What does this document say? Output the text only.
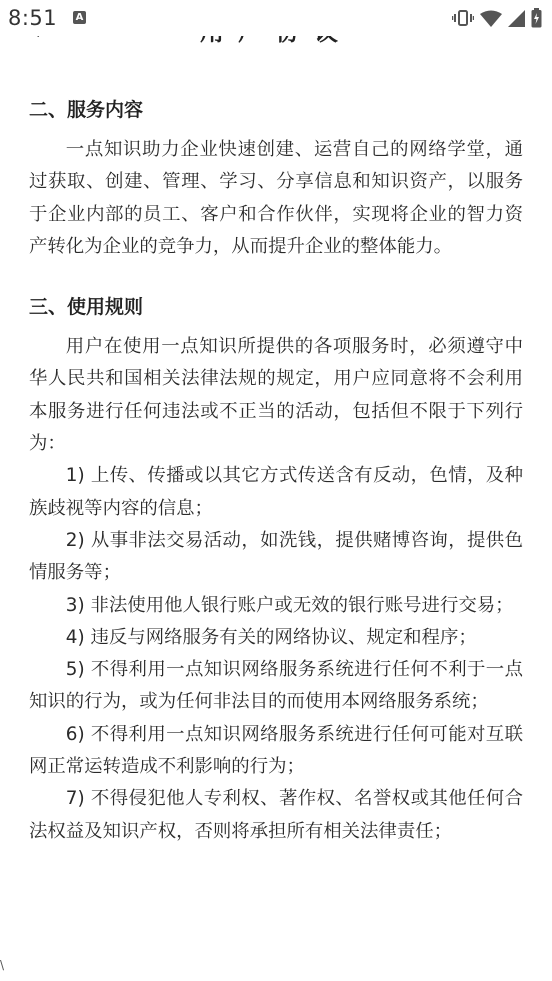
8:51 A
二、服务内容

一点知识助力企业快速创建、运营自己的网络学堂，通过获取、创建、管理、学习、分享信息和知识资产，以服务于企业内部的员工、客户和合作伙伴，实现将企业的智力资产转化为企业的竞争力，从而提升企业的整体能力。

三、使用规则

用户在使用一点知识所提供的各项服务时，必须遵守中华人民共和国相关法律法规的规定，用户应同意将不会利用本服务进行任何违法或不正当的活动，包括但不限于下列行为：

1) 上传、传播或以其它方式传送含有反动，色情，及种族歧视等内容的信息；

2) 从事非法交易活动，如洗钱，提供赌博咨询，提供色情服务等；

3) 非法使用他人银行账户或无效的银行账号进行交易；

4) 违反与网络服务有关的网络协议、规定和程序；

5) 不得利用一点知识网络服务系统进行任何不利于一点知识的行为，或为任何非法目的而使用本网络服务系统；

6) 不得利用一点知识网络服务系统进行任何可能对互联网正常运转造成不利影响的行为；

7) 不得侵犯他人专利权、著作权、名誉权或其他任何合法权益及知识产权，否则将承担所有相关法律责任；

\
